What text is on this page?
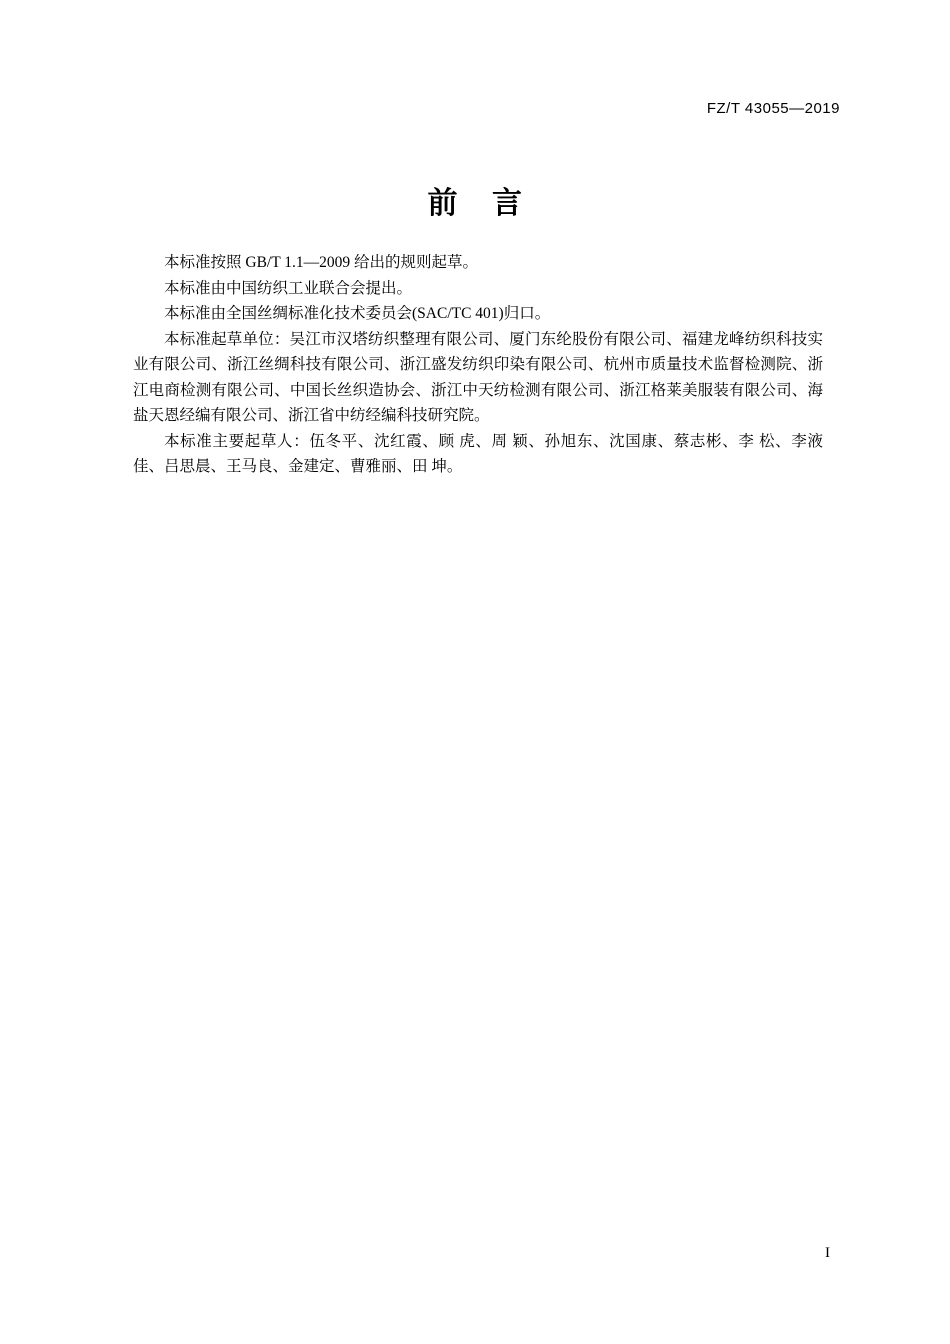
FZ/T 43055—2019
前 言

本标准按照 GB/T 1.1—2009 给出的规则起草。

本标准由中国纺织工业联合会提出。

本标准由全国丝绸标准化技术委员会(SAC/TC 401)归口。

本标准起草单位：吴江市汉塔纺织整理有限公司、厦门东纶股份有限公司、福建龙峰纺织科技实业有限公司、浙江丝绸科技有限公司、浙江盛发纺织印染有限公司、杭州市质量技术监督检测院、浙江电商检测有限公司、中国长丝织造协会、浙江中天纺检测有限公司、浙江格莱美服装有限公司、海盐天恩经编有限公司、浙江省中纺经编科技研究院。

本标准主要起草人：伍冬平、沈红霞、顾 虎、周 颖、孙旭东、沈国康、蔡志彬、李 松、李液佳、吕思晨、王马良、金建定、曹雅丽、田 坤。

I
